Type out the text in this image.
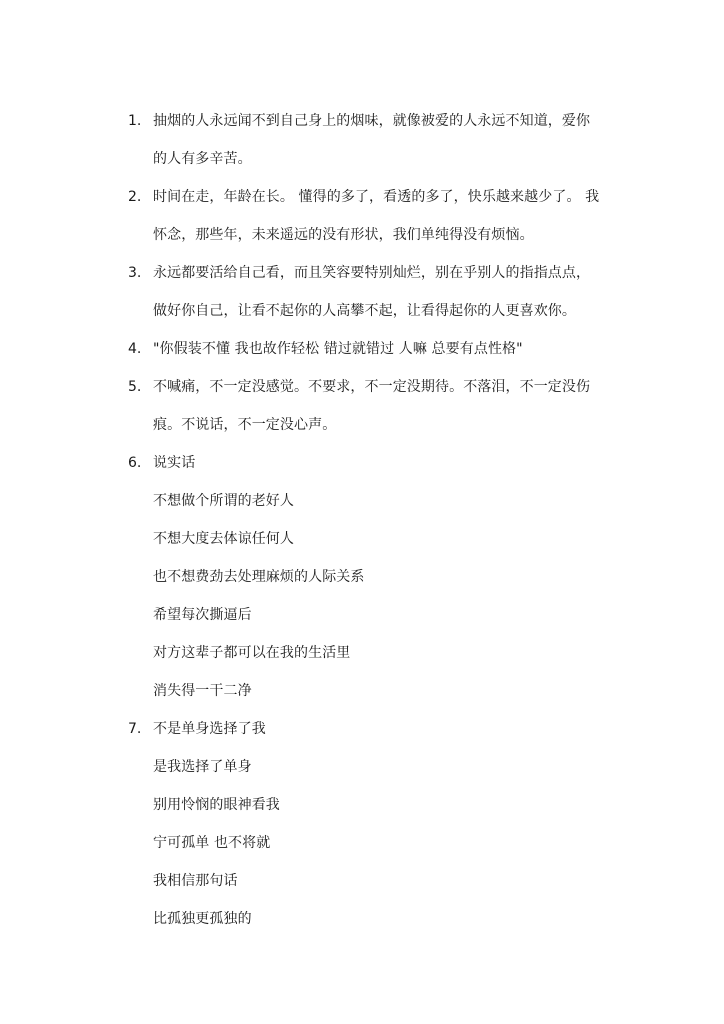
1. 抽烟的人永远闻不到自己身上的烟味，就像被爱的人永远不知道，爱你
的人有多辛苦。
2. 时间在走，年龄在长。 懂得的多了，看透的多了，快乐越来越少了。 我
怀念，那些年，未来遥远的没有形状，我们单纯得没有烦恼。
3. 永远都要活给自己看，而且笑容要特别灿烂，别在乎别人的指指点点，
做好你自己，让看不起你的人高攀不起，让看得起你的人更喜欢你。
4. "你假装不懂 我也故作轻松 错过就错过 人嘛 总要有点性格"
5. 不喊痛，不一定没感觉。不要求，不一定没期待。不落泪，不一定没伤
痕。不说话，不一定没心声。
6. 说实话
不想做个所谓的老好人
不想大度去体谅任何人
也不想费劲去处理麻烦的人际关系
希望每次撕逼后
对方这辈子都可以在我的生活里
消失得一干二净
7. 不是单身选择了我
是我选择了单身
别用怜悯的眼神看我
宁可孤单 也不将就
我相信那句话
比孤独更孤独的
